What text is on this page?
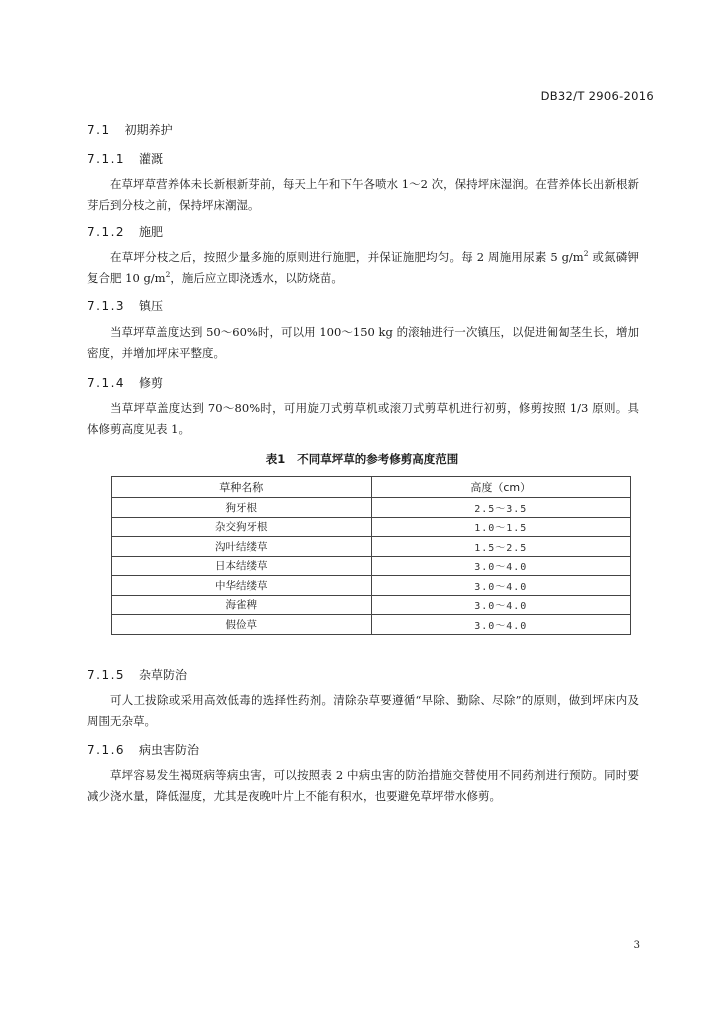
DB32/T 2906-2016
7.1 初期养护
7.1.1 灌溉
在草坪草营养体未长新根新芽前，每天上午和下午各喷水 1～2 次，保持坪床湿润。在营养体长出新根新芽后到分枝之前，保持坪床潮湿。
7.1.2 施肥
在草坪分枝之后，按照少量多施的原则进行施肥，并保证施肥均匀。每 2 周施用尿素 5 $g/m^2$ 或氮磷钾复合肥 10 $g/m^2$，施后应立即浇透水，以防烧苗。
7.1.3 镇压
当草坪草盖度达到 50～60%时，可以用 100～150 kg 的滚轴进行一次镇压，以促进匍匐茎生长，增加密度，并增加坪床平整度。
7.1.4 修剪
当草坪草盖度达到 70～80%时，可用旋刀式剪草机或滚刀式剪草机进行初剪，修剪按照 1/3 原则。具体修剪高度见表 1。
表1 不同草坪草的参考修剪高度范围
草种名称	高度（cm）
狗牙根	2.5～3.5
杂交狗牙根	1.0～1.5
沟叶结缕草	1.5～2.5
日本结缕草	3.0～4.0
中华结缕草	3.0～4.0
海雀稗	3.0～4.0
假俭草	3.0～4.0
7.1.5 杂草防治
可人工拔除或采用高效低毒的选择性药剂。清除杂草要遵循“早除、勤除、尽除”的原则，做到坪床内及周围无杂草。
7.1.6 病虫害防治
草坪容易发生褐斑病等病虫害，可以按照表 2 中病虫害的防治措施交替使用不同药剂进行预防。同时要减少浇水量，降低湿度，尤其是夜晚叶片上不能有积水，也要避免草坪带水修剪。
3
